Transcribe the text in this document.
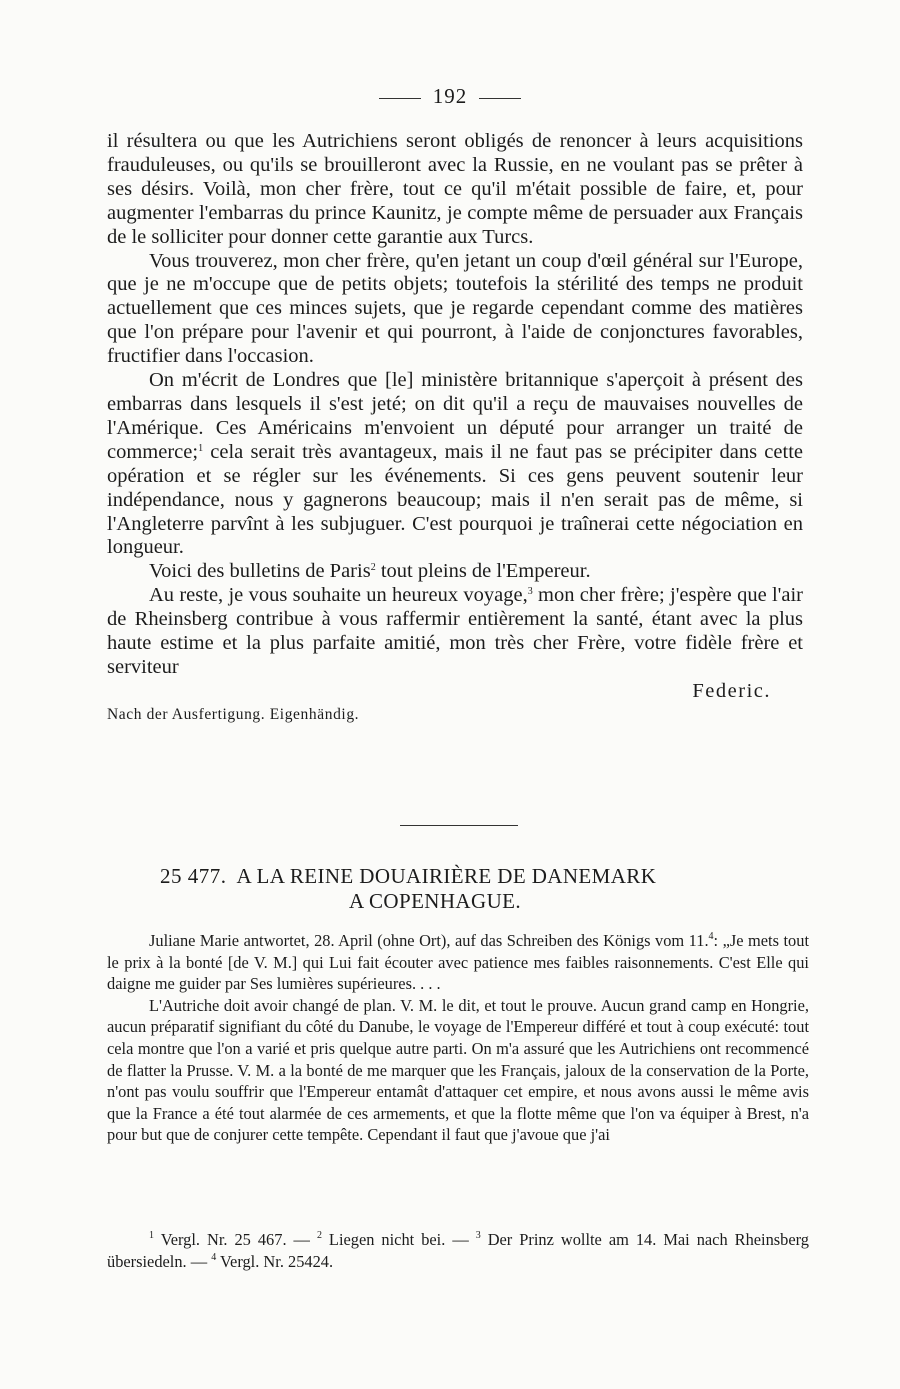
192

il résultera ou que les Autrichiens seront obligés de renoncer à leurs acquisitions frauduleuses, ou qu'ils se brouilleront avec la Russie, en ne voulant pas se prêter à ses désirs. Voilà, mon cher frère, tout ce qu'il m'était possible de faire, et, pour augmenter l'embarras du prince Kaunitz, je compte même de persuader aux Français de le solliciter pour donner cette garantie aux Turcs.

Vous trouverez, mon cher frère, qu'en jetant un coup d'œil général sur l'Europe, que je ne m'occupe que de petits objets; toutefois la stérilité des temps ne produit actuellement que ces minces sujets, que je regarde cependant comme des matières que l'on prépare pour l'avenir et qui pourront, à l'aide de conjonctures favorables, fructifier dans l'occasion.

On m'écrit de Londres que [le] ministère britannique s'aperçoit à présent des embarras dans lesquels il s'est jeté; on dit qu'il a reçu de mauvaises nouvelles de l'Amérique. Ces Américains m'envoient un député pour arranger un traité de commerce;$^1$ cela serait très avantageux, mais il ne faut pas se précipiter dans cette opération et se régler sur les événements. Si ces gens peuvent soutenir leur indépendance, nous y gagnerons beaucoup; mais il n'en serait pas de même, si l'Angleterre parvînt à les subjuguer. C'est pourquoi je traînerai cette négociation en longueur.

Voici des bulletins de Paris$^2$ tout pleins de l'Empereur.

Au reste, je vous souhaite un heureux voyage,$^3$ mon cher frère; j'espère que l'air de Rheinsberg contribue à vous raffermir entièrement la santé, étant avec la plus haute estime et la plus parfaite amitié, mon très cher Frère, votre fidèle frère et serviteur

Federic.

Nach der Ausfertigung. Eigenhändig.

25 477. A LA REINE DOUAIRIÈRE DE DANEMARK
A COPENHAGUE.

Juliane Marie antwortet, 28. April (ohne Ort), auf das Schreiben des Königs vom 11.$^4$: „Je mets tout le prix à la bonté [de V. M.] qui Lui fait écouter avec patience mes faibles raisonnements. C'est Elle qui daigne me guider par Ses lumières supérieures. . . .

L'Autriche doit avoir changé de plan. V. M. le dit, et tout le prouve. Aucun grand camp en Hongrie, aucun préparatif signifiant du côté du Danube, le voyage de l'Empereur différé et tout à coup exécuté: tout cela montre que l'on a varié et pris quelque autre parti. On m'a assuré que les Autrichiens ont recommencé de flatter la Prusse. V. M. a la bonté de me marquer que les Français, jaloux de la conservation de la Porte, n'ont pas voulu souffrir que l'Empereur entamât d'attaquer cet empire, et nous avons aussi le même avis que la France a été tout alarmée de ces armements, et que la flotte même que l'on va équiper à Brest, n'a pour but que de conjurer cette tempête. Cependant il faut que j'avoue que j'ai

$^1$ Vergl. Nr. 25 467. — $^2$ Liegen nicht bei. — $^3$ Der Prinz wollte am 14. Mai nach Rheinsberg übersiedeln. — $^4$ Vergl. Nr. 25424.
